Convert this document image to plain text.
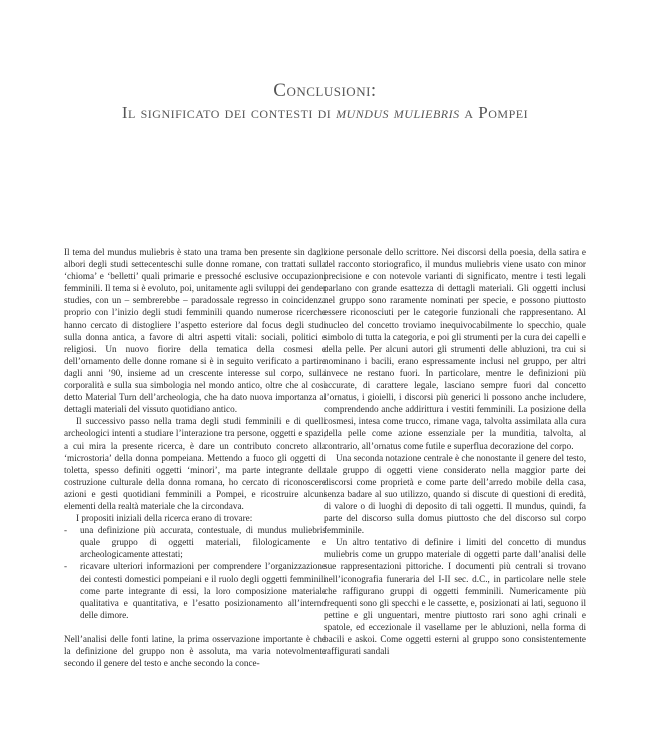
Conclusioni:
Il significato dei contesti di mundus muliebris a Pompei

Il tema del mundus muliebris è stato una trama ben presente sin dagli albori degli studi settecenteschi sulle donne romane, con trattati sulla ‘chioma’ e ‘belletti’ quali primarie e pressoché esclusive occupazioni femminili. Il tema si è evoluto, poi, unitamente agli sviluppi dei gender studies, con un – sembrerebbe – paradossale regresso in coincidenza proprio con l’inizio degli studi femminili quando numerose ricerche hanno cercato di distogliere l’aspetto esteriore dal focus degli studi sulla donna antica, a favore di altri aspetti vitali: sociali, politici e religiosi. Un nuovo fiorire della tematica della cosmesi e dell’ornamento delle donne romane si è in seguito verificato a partire dagli anni ’90, insieme ad un crescente interesse sul corpo, sulla corporalità e sulla sua simbologia nel mondo antico, oltre che al così detto Material Turn dell’archeologia, che ha dato nuova importanza ai dettagli materiali del vissuto quotidiano antico.

Il successivo passo nella trama degli studi femminili e di quelli archeologici intenti a studiare l’interazione tra persone, oggetti e spazi, a cui mira la presente ricerca, è dare un contributo concreto alla ‘microstoria’ della donna pompeiana. Mettendo a fuoco gli oggetti di toletta, spesso definiti oggetti ‘minori’, ma parte integrante della costruzione culturale della donna romana, ho cercato di riconoscere azioni e gesti quotidiani femminili a Pompei, e ricostruire alcuni elementi della realtà materiale che la circondava.

I propositi iniziali della ricerca erano di trovare:

- una definizione più accurata, contestuale, di mundus muliebris quale gruppo di oggetti materiali, filologicamente e archeologicamente attestati;
- ricavare ulteriori informazioni per comprendere l’organizzazione dei contesti domestici pompeiani e il ruolo degli oggetti femminili come parte integrante di essi, la loro composizione materiale qualitativa e quantitativa, e l’esatto posizionamento all’interno delle dimore.

Nell’analisi delle fonti latine, la prima osservazione importante è che la definizione del gruppo non è assoluta, ma varia notevolmente secondo il genere del testo e anche secondo la conce-

zione personale dello scrittore. Nei discorsi della poesia, della satira e del racconto storiografico, il mundus muliebris viene usato con minor precisione e con notevole varianti di significato, mentre i testi legali parlano con grande esattezza di dettagli materiali. Gli oggetti inclusi nel gruppo sono raramente nominati per specie, e possono piuttosto essere riconosciuti per le categorie funzionali che rappresentano. Al nucleo del concetto troviamo inequivocabilmente lo specchio, quale simbolo di tutta la categoria, e poi gli strumenti per la cura dei capelli e della pelle. Per alcuni autori gli strumenti delle abluzioni, tra cui si nominano i bacili, erano espressamente inclusi nel gruppo, per altri invece ne restano fuori. In particolare, mentre le definizioni più accurate, di carattere legale, lasciano sempre fuori dal concetto l’ornatus, i gioielli, i discorsi più generici li possono anche includere, comprendendo anche addirittura i vestiti femminili. La posizione della cosmesi, intesa come trucco, rimane vaga, talvolta assimilata alla cura della pelle come azione essenziale per la munditia, talvolta, al contrario, all’ornatus come futile e superflua decorazione del corpo.

Una seconda notazione centrale è che nonostante il genere del testo, tale gruppo di oggetti viene considerato nella maggior parte dei discorsi come proprietà e come parte dell’arredo mobile della casa, senza badare al suo utilizzo, quando si discute di questioni di eredità, di valore o di luoghi di deposito di tali oggetti. Il mundus, quindi, fa parte del discorso sulla domus piuttosto che del discorso sul corpo femminile.

Un altro tentativo di definire i limiti del concetto di mundus muliebris come un gruppo materiale di oggetti parte dall’analisi delle sue rappresentazioni pittoriche. I documenti più centrali si trovano nell’iconografia funeraria del I-II sec. d.C., in particolare nelle stele che raffigurano gruppi di oggetti femminili. Numericamente più frequenti sono gli specchi e le cassette, e, posizionati ai lati, seguono il pettine e gli unguentari, mentre piuttosto rari sono aghi crinali e spatole, ed eccezionale il vasellame per le abluzioni, nella forma di bacili e askoi. Come oggetti esterni al gruppo sono consistentemente raffigurati sandali
